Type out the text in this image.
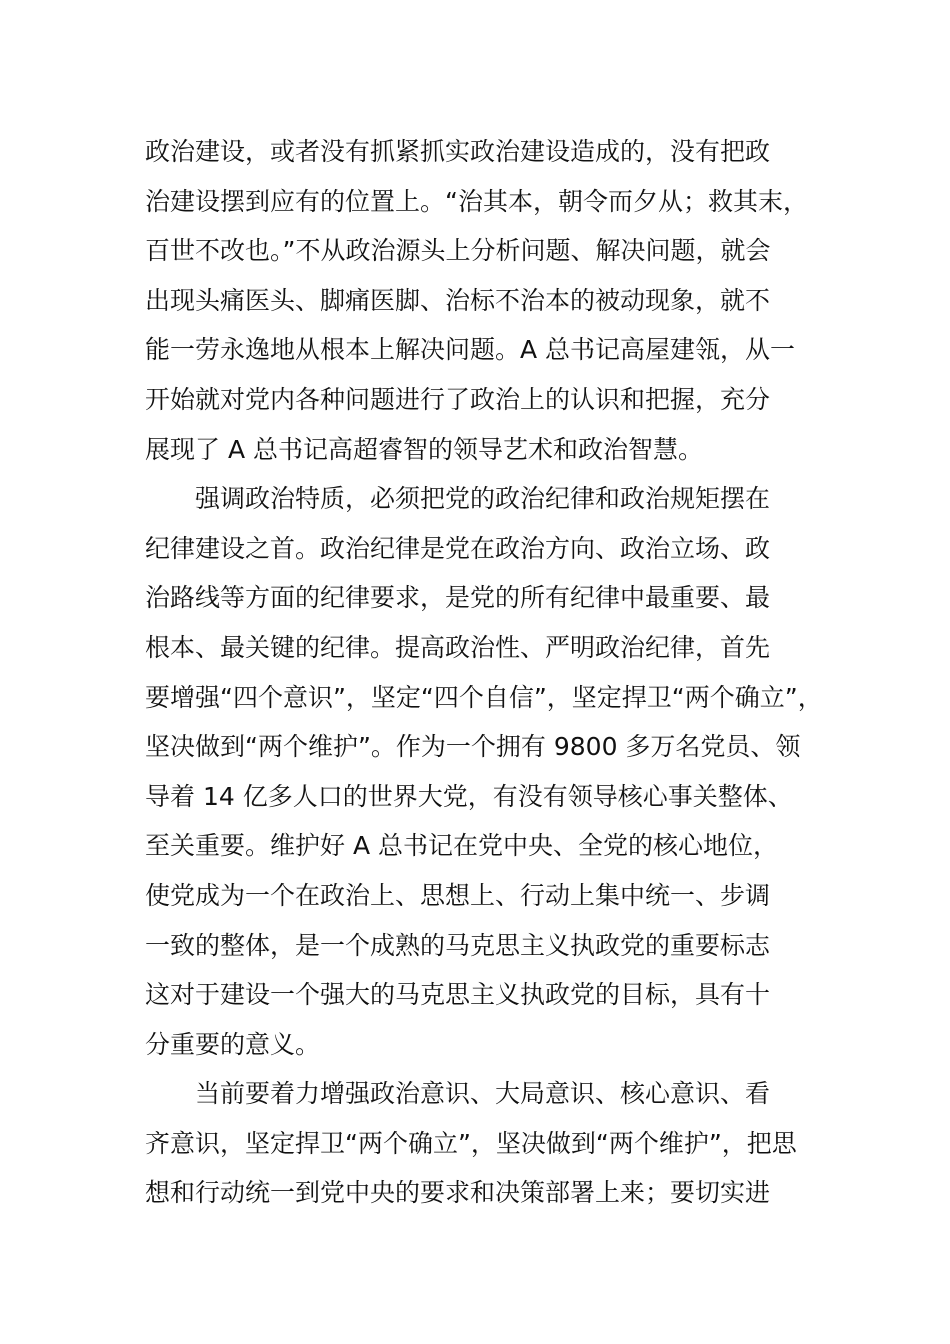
政治建设，或者没有抓紧抓实政治建设造成的，没有把政
治建设摆到应有的位置上。“治其本，朝令而夕从；救其末，
百世不改也。”不从政治源头上分析问题、解决问题，就会
出现头痛医头、脚痛医脚、治标不治本的被动现象，就不
能一劳永逸地从根本上解决问题。A 总书记高屋建瓴，从一
开始就对党内各种问题进行了政治上的认识和把握，充分
展现了 A 总书记高超睿智的领导艺术和政治智慧。
强调政治特质，必须把党的政治纪律和政治规矩摆在
纪律建设之首。政治纪律是党在政治方向、政治立场、政
治路线等方面的纪律要求，是党的所有纪律中最重要、最
根本、最关键的纪律。提高政治性、严明政治纪律，首先
要增强“四个意识”，坚定“四个自信”，坚定捍卫“两个确立”，
坚决做到“两个维护”。作为一个拥有 9800 多万名党员、领
导着 14 亿多人口的世界大党，有没有领导核心事关整体、
至关重要。维护好 A 总书记在党中央、全党的核心地位，
使党成为一个在政治上、思想上、行动上集中统一、步调
一致的整体，是一个成熟的马克思主义执政党的重要标志
这对于建设一个强大的马克思主义执政党的目标，具有十
分重要的意义。
当前要着力增强政治意识、大局意识、核心意识、看
齐意识，坚定捍卫“两个确立”，坚决做到“两个维护”，把思
想和行动统一到党中央的要求和决策部署上来；要切实进
